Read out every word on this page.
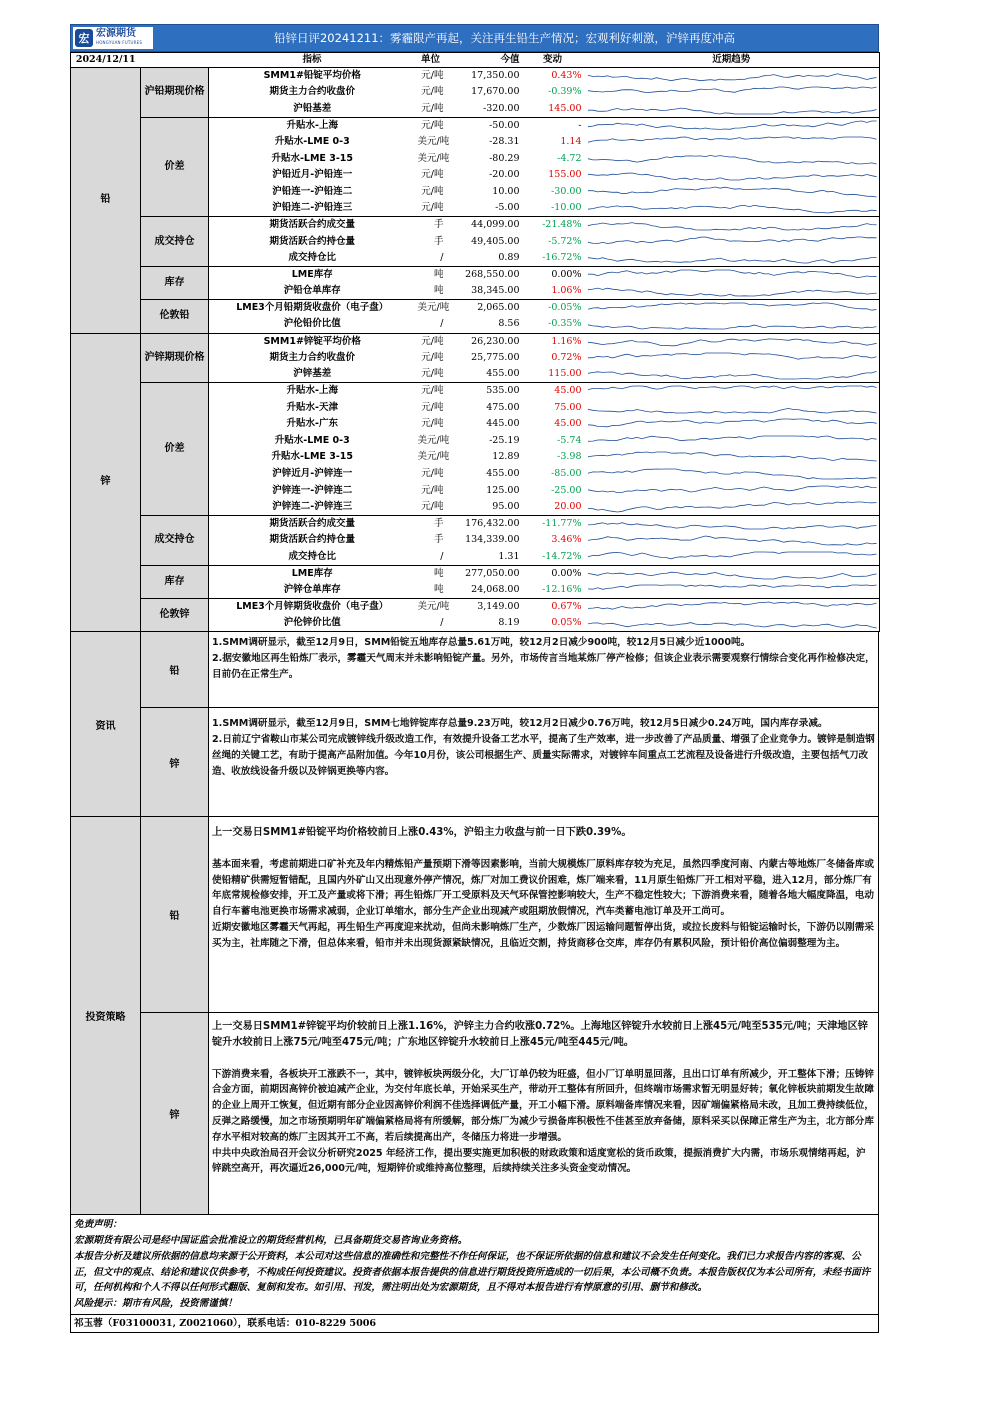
宏 宏源期货
HONGYUAN FUTURES	铅锌日评20241211：雾霾限产再起，关注再生铅生产情况；宏观利好刺激，沪锌再度冲高
2024/12/11		指标	单位	今值	变动	近期趋势
铅	沪铅期现价格	SMM1#铅锭平均价格	元/吨	17,350.00	0.43%	

		期货主力合约收盘价	元/吨	17,670.00	-0.39%	

		沪铅基差	元/吨	-320.00	145.00	

	价差	升贴水-上海	元/吨	-50.00	-	

		升贴水-LME 0-3	美元/吨	-28.31	1.14	

		升贴水-LME 3-15	美元/吨	-80.29	-4.72	

		沪铅近月-沪铅连一	元/吨	-20.00	155.00	

		沪铅连一-沪铅连二	元/吨	10.00	-30.00	

		沪铅连二-沪铅连三	元/吨	-5.00	-10.00	

	成交持仓	期货活跃合约成交量	手	44,099.00	-21.48%	

		期货活跃合约持仓量	手	49,405.00	-5.72%	

		成交持仓比	/	0.89	-16.72%	

	库存	LME库存	吨	268,550.00	0.00%	

		沪铅仓单库存	吨	38,345.00	1.06%	

	伦敦铅	LME3个月铅期货收盘价（电子盘）	美元/吨	2,065.00	-0.05%	

		沪伦铅价比值	/	8.56	-0.35%	

锌	沪锌期现价格	SMM1#锌锭平均价格	元/吨	26,230.00	1.16%	

		期货主力合约收盘价	元/吨	25,775.00	0.72%	

		沪锌基差	元/吨	455.00	115.00	

	价差	升贴水-上海	元/吨	535.00	45.00	

		升贴水-天津	元/吨	475.00	75.00	

		升贴水-广东	元/吨	445.00	45.00	

		升贴水-LME 0-3	美元/吨	-25.19	-5.74	

		升贴水-LME 3-15	美元/吨	12.89	-3.98	

		沪锌近月-沪锌连一	元/吨	455.00	-85.00	

		沪锌连一-沪锌连二	元/吨	125.00	-25.00	

		沪锌连二-沪锌连三	元/吨	95.00	20.00	

	成交持仓	期货活跃合约成交量	手	176,432.00	-11.77%	

		期货活跃合约持仓量	手	134,339.00	3.46%	

		成交持仓比	/	1.31	-14.72%	

	库存	LME库存	吨	277,050.00	0.00%	

		沪锌仓单库存	吨	24,068.00	-12.16%	

	伦敦锌	LME3个月锌期货收盘价（电子盘）	美元/吨	3,149.00	0.67%	

		沪伦锌价比值	/	8.19	0.05%	
资讯
铅

1.SMM调研显示，截至12月9日，SMM铅锭五地库存总量5.61万吨，较12月2日减少900吨，较12月5日减少近1000吨。

2.据安徽地区再生铅炼厂表示，雾霾天气周末并未影响铅锭产量。另外，市场传言当地某炼厂停产检修；但该企业表示需要观察行情综合变化再作检修决定，目前仍在正常生产。

锌

1.SMM调研显示，截至12月9日，SMM七地锌锭库存总量9.23万吨，较12月2日减少0.76万吨，较12月5日减少0.24万吨，国内库存录减。

2.日前辽宁省鞍山市某公司完成镀锌线升级改造工作，有效提升设备工艺水平，提高了生产效率，进一步改善了产品质量、增强了企业竞争力。镀锌是制造钢丝绳的关键工艺，有助于提高产品附加值。今年10月份，该公司根据生产、质量实际需求，对镀锌车间重点工艺流程及设备进行升级改造，主要包括气刀改造、收放线设备升级以及锌锅更换等内容。

投资策略
铅

上一交易日SMM1#铅锭平均价格较前日上涨0.43%，沪铅主力收盘与前一日下跌0.39%。

基本面来看，考虑前期进口矿补充及年内精炼铅产量预期下滑等因素影响，当前大规模炼厂原料库存较为充足，虽然四季度河南、内蒙古等地炼厂冬储备库或使铅精矿供需短暂错配，且国内外矿山又出现意外停产情况，炼厂对加工费议价困难，炼厂端来看，11月原生铅炼厂开工相对平稳，进入12月，部分炼厂有年底常规检修安排，开工及产量或将下滑；再生铅炼厂开工受原料及天气环保管控影响较大，生产不稳定性较大；下游消费来看，随着各地大幅度降温，电动自行车蓄电池更换市场需求减弱，企业订单缩水，部分生产企业出现减产或阻期放假情况，汽车类蓄电池订单及开工尚可。

近期安徽地区雾霾天气再起，再生铅生产再度迎来扰动，但尚未影响炼厂生产，少数炼厂因运输问题暂停出货，或拉长废料与铅锭运输时长，下游仍以刚需采买为主，社库随之下滑，但总体来看，铅市并未出现货源紧缺情况，且临近交割，持货商移仓交库，库存仍有累积风险，预计铅价高位偏弱整理为主。

锌

上一交易日SMM1#锌锭平均价较前日上涨1.16%，沪锌主力合约收涨0.72%。上海地区锌锭升水较前日上涨45元/吨至535元/吨；天津地区锌锭升水较前日上涨75元/吨至475元/吨；广东地区锌锭升水较前日上涨45元/吨至445元/吨。

下游消费来看，各板块开工涨跌不一，其中，镀锌板块两级分化，大厂订单仍较为旺盛，但小厂订单明显回落，且出口订单有所减少，开工整体下滑；压铸锌合金方面，前期因高锌价被迫减产企业，为交付年底长单，开始采买生产，带动开工整体有所回升，但终端市场需求暂无明显好转；氧化锌板块前期发生故障的企业上周开工恢复，但近期有部分企业因高锌价利润不佳选择调低产量，开工小幅下滑。原料端备库情况来看，因矿端偏紧格局未改，且加工费持续低位，反弹之路缓慢，加之市场预期明年矿端偏紧格局将有所缓解，部分炼厂为减少亏损备库积极性不佳甚至放弃备储，原料采买以保障正常生产为主，北方部分库存水平相对较高的炼厂主因其开工不高，若后续提高出产，冬储压力将进一步增强。

中共中央政治局召开会议分析研究2025 年经济工作，提出要实施更加积极的财政政策和适度宽松的货币政策，提振消费扩大内需，市场乐观情绪再起，沪锌跳空高开，再次逼近26,000元/吨，短期锌价或维持高位整理，后续持续关注多头资金变动情况。

免责声明：
宏源期货有限公司是经中国证监会批准设立的期货经营机构，已具备期货交易咨询业务资格。
本报告分析及建议所依据的信息均来源于公开资料，本公司对这些信息的准确性和完整性不作任何保证，也不保证所依据的信息和建议不会发生任何变化。我们已力求报告内容的客观、公正，但文中的观点、结论和建议仅供参考，不构成任何投资建议。投资者依据本报告提供的信息进行期货投资所造成的一切后果，本公司概不负责。本报告版权仅为本公司所有，未经书面许可，任何机构和个人不得以任何形式翻版、复制和发布。如引用、刊发，需注明出处为宏源期货，且不得对本报告进行有悖原意的引用、删节和修改。
风险提示：期市有风险，投资需谨慎！
祁玉蓉（F03100031, Z0021060），联系电话：010-8229 5006
